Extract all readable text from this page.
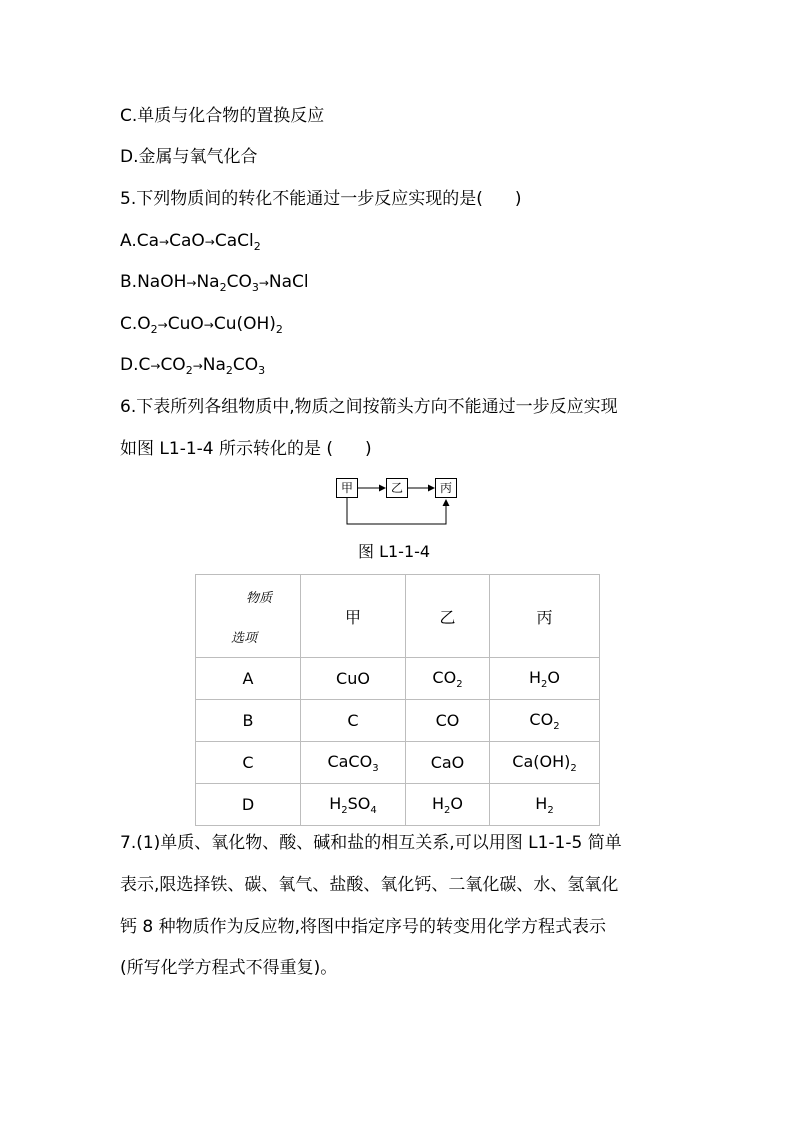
C.单质与化合物的置换反应
D.金属与氧气化合
5.下列物质间的转化不能通过一步反应实现的是( )
A.Ca→CaO→CaCl$_2$
$B.NaOH\to Na_2CO_3\to NaCl$
$C.O_2\to CuO\to Cu(OH)_2$
$D.C\to CO_2\to Na_2CO_3$
6.下表所列各组物质中,物质之间按箭头方向不能通过一步反应实现
如图 L1-1-4 所示转化的是 ( )
甲	乙	丙
图 L1-1-4
物质
选项	甲	乙	丙
A	CuO	$CO_2$	$H_2O$
B	C	CO	$CO_2$
C	CaCO$_3$	CaO	$Ca(OH)_2$
D	$H_2SO_4$	$H_2O$	$H_2$
7.(1)单质、氧化物、酸、碱和盐的相互关系,可以用图 L1-1-5 简单
表示,限选择铁、碳、氧气、盐酸、氧化钙、二氧化碳、水、氢氧化
钙 8 种物质作为反应物,将图中指定序号的转变用化学方程式表示
(所写化学方程式不得重复)。
